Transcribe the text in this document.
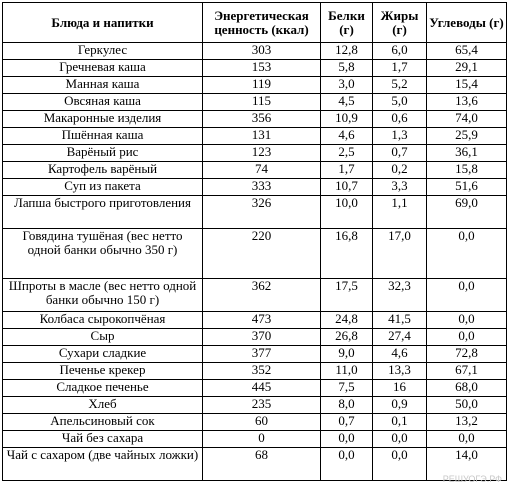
Блюда и напитки	Энергетическая ценность (ккал)	Белки (г)	Жиры (г)	Углеводы (г)
Геркулес	303	12,8	6,0	65,4
Гречневая каша	153	5,8	1,7	29,1
Манная каша	119	3,0	5,2	15,4
Овсяная каша	115	4,5	5,0	13,6
Макаронные изделия	356	10,9	0,6	74,0
Пшённая каша	131	4,6	1,3	25,9
Варёный рис	123	2,5	0,7	36,1
Картофель варёный	74	1,7	0,2	15,8
Суп из пакета	333	10,7	3,3	51,6
Лапша быстрого приготовления	326	10,0	1,1	69,0
Говядина тушёная (вес нетто одной банки обычно 350 г)	220	16,8	17,0	0,0
Шпроты в масле (вес нетто одной банки обычно 150 г)	362	17,5	32,3	0,0
Колбаса сырокопчёная	473	24,8	41,5	0,0
Сыр	370	26,8	27,4	0,0
Сухари сладкие	377	9,0	4,6	72,8
Печенье крекер	352	11,0	13,3	67,1
Сладкое печенье	445	7,5	16	68,0
Хлеб	235	8,0	0,9	50,0
Апельсиновый сок	60	0,7	0,1	13,2
Чай без сахара	0	0,0	0,0	0,0
Чай с сахаром (две чайных ложки)	68	0,0	0,0	14,0
РЕШУОГЭ.РФ
